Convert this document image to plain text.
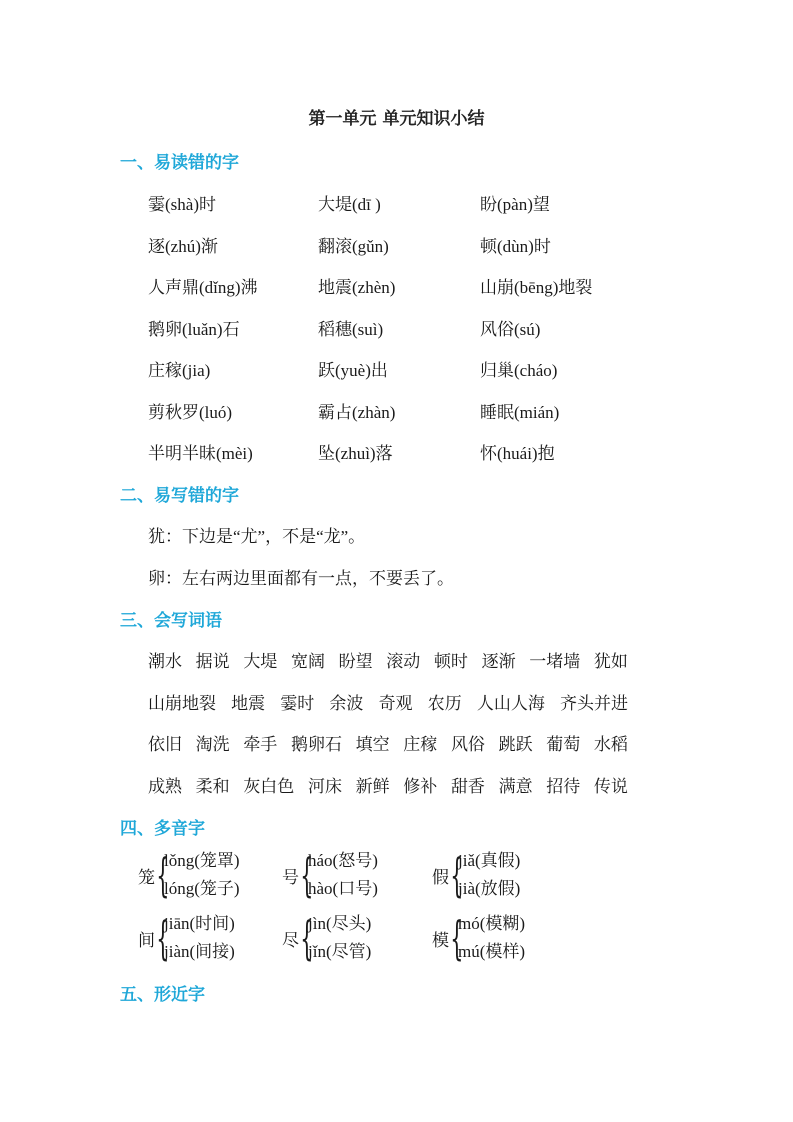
第一单元 单元知识小结
一、易读错的字
霎(shà)时	大堤(dī )	盼(pàn)望
逐(zhú)渐	翻滚(gǔn)	顿(dùn)时
人声鼎(dǐng)沸	地震(zhèn)	山崩(bēng)地裂
鹅卵(luǎn)石	稻穗(suì)	风俗(sú)
庄稼(jia)	跃(yuè)出	归巢(cháo)
剪秋罗(luó)	霸占(zhàn)	睡眠(mián)
半明半昧(mèi)	坠(zhuì)落	怀(huái)抱
二、易写错的字
犹：下边是“尤”，不是“龙”。
卵：左右两边里面都有一点，不要丢了。
三、会写词语
潮水 据说 大堤 宽阔 盼望 滚动 顿时 逐渐 一堵墙 犹如
山崩地裂 地震 霎时 余波 奇观 农历 人山人海 齐头并进
依旧 淘洗 牵手 鹅卵石 填空 庄稼 风俗 跳跃 葡萄 水稻
成熟 柔和 灰白色 河床 新鲜 修补 甜香 满意 招待 传说
四、多音字
笼 {
lǒng(笼罩)
lóng(笼子)
号 {
háo(怒号)
hào(口号)
假 {
jiǎ(真假)
jià(放假)
间 {
jiān(时间)
jiàn(间接)
尽 {
jìn(尽头)
jǐn(尽管)
模 {
mó(模糊)
mú(模样)
五、形近字
